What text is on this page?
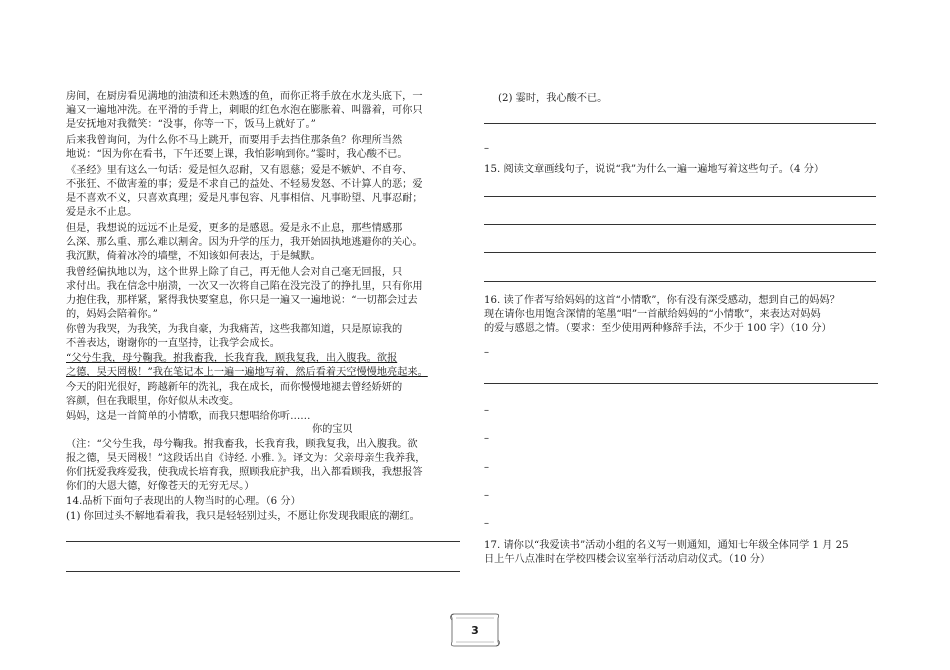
房间，在厨房看见满地的油渍和还未熟透的鱼，而你正将手放在水龙头底下，一
遍又一遍地冲洗。在平滑的手背上，刺眼的红色水泡在膨胀着、叫嚣着，可你只
是安抚地对我微笑：“没事，你等一下，饭马上就好了。”
后来我曾询问，为什么你不马上跳开，而要用手去挡住那条鱼？你理所当然
地说：“因为你在看书，下午还要上课，我怕影响到你。”霎时，我心酸不已。
《圣经》里有这么一句话：爱是恒久忍耐，又有恩慈；爱是不嫉妒、不自夸、
不张狂、不做害羞的事；爱是不求自己的益处、不轻易发怒、不计算人的恶；爱
是不喜欢不义，只喜欢真理；爱是凡事包容、凡事相信、凡事盼望、凡事忍耐；
爱是永不止息。
但是，我想说的远远不止是爱，更多的是感恩。爱是永不止息，那些情感那
么深、那么重、那么难以割舍。因为升学的压力，我开始固执地逃避你的关心。
我沉默，倚着冰冷的墙壁，不知该如何表达，于是缄默。
我曾经偏执地以为，这个世界上除了自己，再无他人会对自己毫无回报，只
求付出。我在信念中崩溃，一次又一次将自己陷在没完没了的挣扎里，只有你用
力抱住我，那样紧，紧得我快要窒息，你只是一遍又一遍地说：“一切都会过去
的，妈妈会陪着你。”
你曾为我哭，为我笑，为我自豪，为我痛苦，这些我都知道，只是原谅我的
不善表达，谢谢你的一直坚持，让我学会成长。
“父兮生我，母兮鞠我。拊我畜我，长我育我，顾我复我，出入腹我。欲报
之德，昊天罔极！”我在笔记本上一遍一遍地写着，然后看着天空慢慢地亮起来。
今天的阳光很好，跨越新年的洗礼，我在成长，而你慢慢地褪去曾经娇妍的
容颜，但在我眼里，你好似从未改变。
妈妈，这是一首简单的小情歌，而我只想唱给你听……
你的宝贝
（注：“父兮生我，母兮鞠我。拊我畜我，长我育我，顾我复我，出入腹我。欲
报之德，昊天罔极！”这段话出自《诗经. 小雅. 》。译文为：父亲母亲生我养我，
你们抚爱我疼爱我，使我成长培育我，照顾我庇护我，出入都看顾我，我想报答
你们的大恩大德，好像苍天的无穷无尽。）
14.品析下面句子表现出的人物当时的心理。（6 分）
(1) 你回过头不解地看着我，我只是轻轻别过头，不愿让你发现我眼底的潮红。
(2) 霎时，我心酸不已。
–
15. 阅读文章画线句子，说说“我”为什么一遍一遍地写着这些句子。（4 分）
16. 读了作者写给妈妈的这首“小情歌”，你有没有深受感动，想到自己的妈妈？
现在请你也用饱含深情的笔墨“唱”一首献给妈妈的“小情歌”，来表达对妈妈
的爱与感恩之情。（要求：至少使用两种修辞手法，不少于 100 字）（10 分）
–
–
–
–
–
–
17. 请你以“我爱读书”活动小组的名义写一则通知，通知七年级全体同学 1 月 25
日上午八点准时在学校四楼会议室举行活动启动仪式。（10 分）
3
